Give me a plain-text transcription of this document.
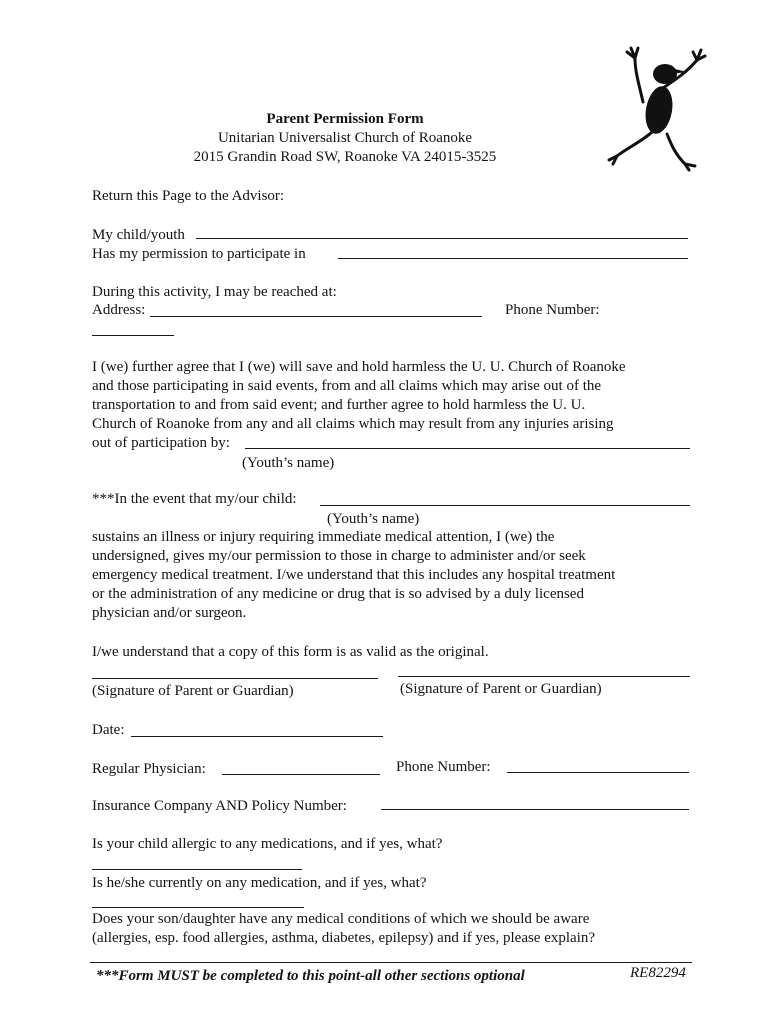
Parent Permission Form
Unitarian Universalist Church of Roanoke
2015 Grandin Road SW, Roanoke VA 24015-3525
Return this Page to the Advisor:
My child/youth
Has my permission to participate in
During this activity, I may be reached at:
Address:	Phone Number:
I (we) further agree that I (we) will save and hold harmless the U. U. Church of Roanoke
and those participating in said events, from and all claims which may arise out of the
transportation to and from said event; and further agree to hold harmless the U. U.
Church of Roanoke from any and all claims which may result from any injuries arising
out of participation by:
(Youth’s name)
***In the event that my/our child:
(Youth’s name)
sustains an illness or injury requiring immediate medical attention, I (we) the
undersigned, gives my/our permission to those in charge to administer and/or seek
emergency medical treatment. I/we understand that this includes any hospital treatment
or the administration of any medicine or drug that is so advised by a duly licensed
physician and/or surgeon.
I/we understand that a copy of this form is as valid as the original.
(Signature of Parent or Guardian)	(Signature of Parent or Guardian)
Date:
Regular Physician:	Phone Number:
Insurance Company AND Policy Number:
Is your child allergic to any medications, and if yes, what?
Is he/she currently on any medication, and if yes, what?
Does your son/daughter have any medical conditions of which we should be aware
(allergies, esp. food allergies, asthma, diabetes, epilepsy) and if yes, please explain?
***Form MUST be completed to this point-all other sections optional	RE82294
